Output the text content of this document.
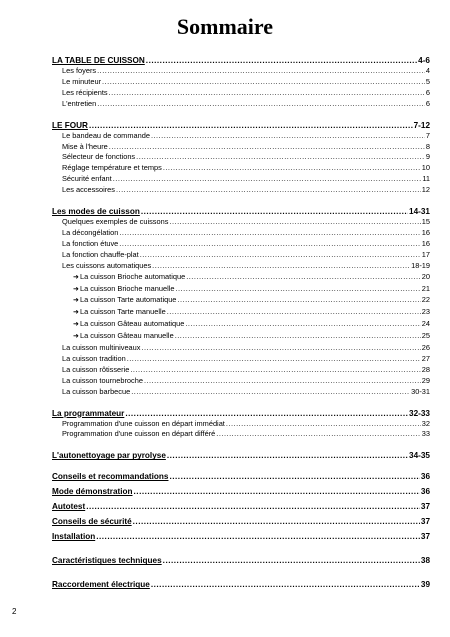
Sommaire
LA TABLE DE CUISSON .....	4-6
Les foyers .....	4
Le minuteur .....	5
Les récipients .....	6
L'entretien .....	6
LE FOUR .....	7-12
Le bandeau de commande .....	7
Mise à l'heure .....	8
Sélecteur de fonctions .....	9
Réglage température et temps .....	10
Sécurité enfant .....	11
Les accessoires .....	12
Les modes de cuisson .....	14-31
Quelques exemples de cuissons .....	15
La décongélation .....	16
La fonction étuve .....	16
La fonction chauffe-plat .....	17
Les cuissons automatiques .....	18-19
➜La cuisson Brioche automatique .....	20
➜La cuisson Brioche manuelle .....	21
➜La cuisson Tarte automatique .....	22
➜La cuisson Tarte manuelle .....	23
➜La cuisson Gâteau automatique .....	24
➜La cuisson Gâteau manuelle .....	25
La cuisson multiniveaux .....	26
La cuisson tradition .....	27
La cuisson rôtisserie .....	28
La cuisson tournebroche .....	29
La cuisson barbecue .....	30-31
La programmateur .....	32-33
Programmation d'une cuisson en départ immédiat .....	32
Programmation d'une cuisson en départ différé .....	33
L'autonettoyage par pyrolyse .....	34-35
Conseils et recommandations .....	36
Mode démonstration .....	36
Autotest .....	37
Conseils de sécurité .....	37
Installation .....	37
Caractéristiques techniques .....	38
Raccordement électrique .....	39
2
